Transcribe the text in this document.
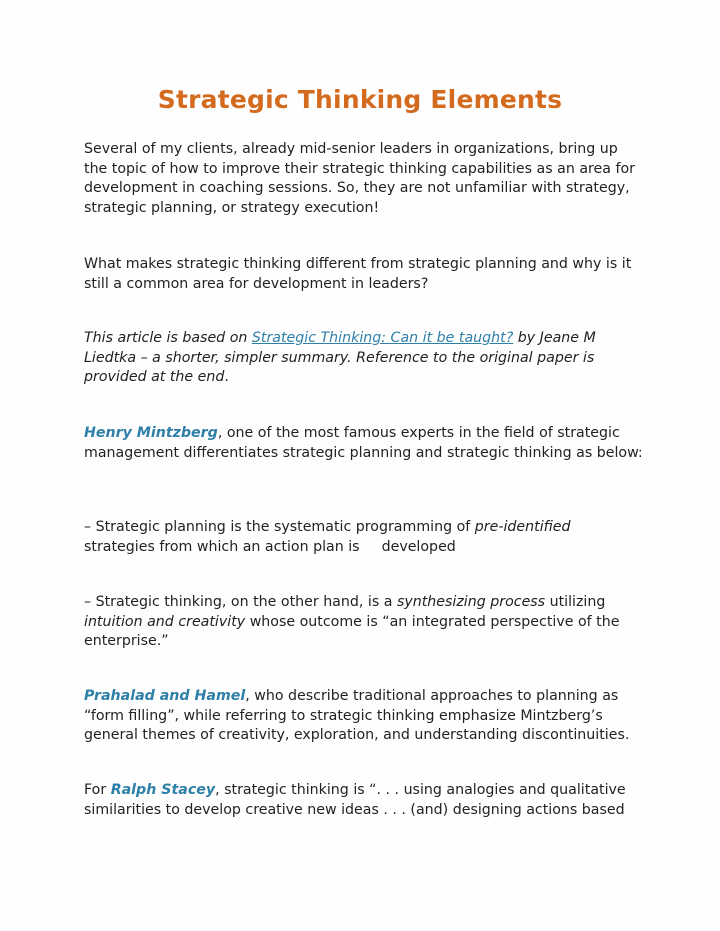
Strategic Thinking Elements

Several of my clients, already mid-senior leaders in organizations, bring up the topic of how to improve their strategic thinking capabilities as an area for development in coaching sessions. So, they are not unfamiliar with strategy, strategic planning, or strategy execution!

What makes strategic thinking different from strategic planning and why is it still a common area for development in leaders?

This article is based on Strategic Thinking: Can it be taught? by Jeane M Liedtka – a shorter, simpler summary. Reference to the original paper is provided at the end.

Henry Mintzberg, one of the most famous experts in the field of strategic management differentiates strategic planning and strategic thinking as below:

– Strategic planning is the systematic programming of pre-identified strategies from which an action plan is developed

– Strategic thinking, on the other hand, is a synthesizing process utilizing intuition and creativity whose outcome is “an integrated perspective of the enterprise.”

Prahalad and Hamel, who describe traditional approaches to planning as “form filling”, while referring to strategic thinking emphasize Mintzberg’s general themes of creativity, exploration, and understanding discontinuities.

For Ralph Stacey, strategic thinking is “. . . using analogies and qualitative similarities to develop creative new ideas . . . (and) designing actions based
